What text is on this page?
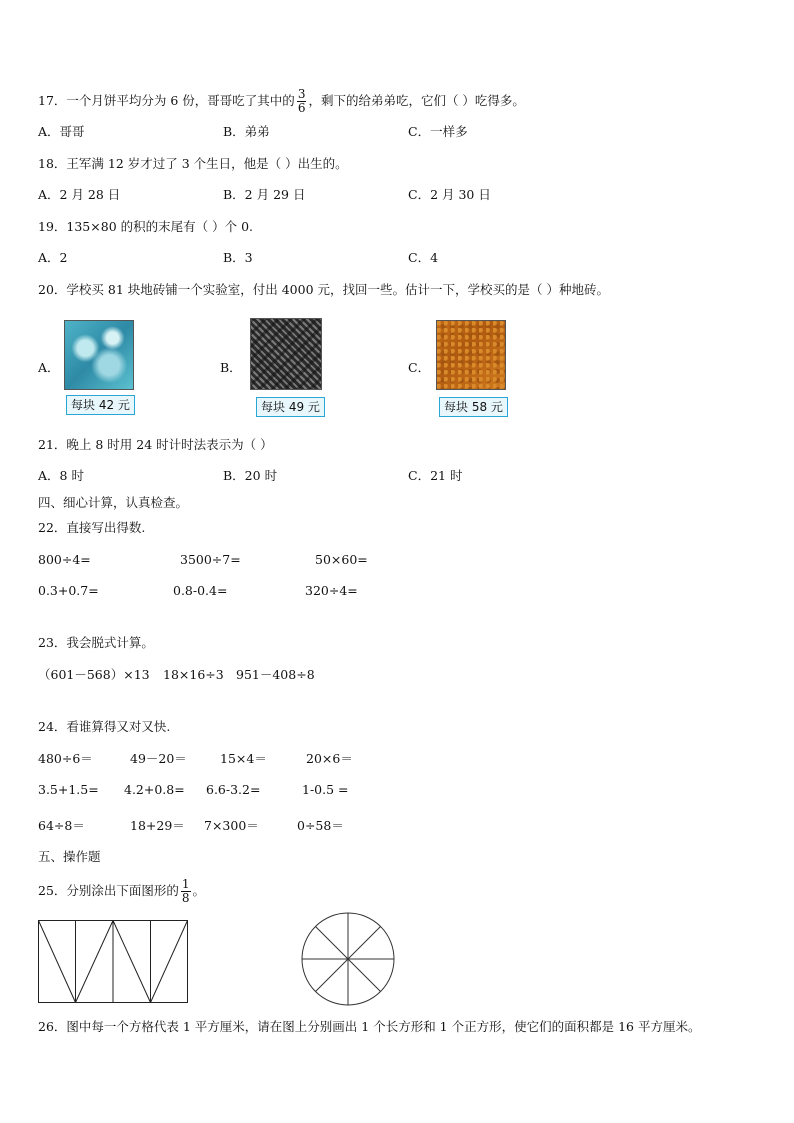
17．一个月饼平均分为 6 份，哥哥吃了其中的 $\frac{3}{6}$ ，剩下的给弟弟吃，它们（ ）吃得多。
A．哥哥	B．弟弟	C．一样多
18．王军满 12 岁才过了 3 个生日，他是（ ）出生的。
A．2 月 28 日	B．2 月 29 日	C．2 月 30 日
19．135×80 的积的末尾有（ ）个 0.
A．2	B．3	C．4
20．学校买 81 块地砖铺一个实验室，付出 4000 元，找回一些。估计一下，学校买的是（ ）种地砖。
A．
每块 42 元
B．
每块 49 元
C．
每块 58 元
21．晚上 8 时用 24 时计时法表示为（ ）
A．8 时	B．20 时	C．21 时
四、细心计算，认真检查。
22．直接写出得数.
800÷4=	3500÷7=	50×60=
0.3+0.7=	0.8-0.4=	320÷4=
23．我会脱式计算。
（601－568）×13 18×16÷3 951－408÷8
24．看谁算得又对又快.
480÷6＝	49－20＝	15×4＝	20×6＝
3.5+1.5= 4.2+0.8= 6.6-3.2=	1-0.5 =
64÷8＝	18+29＝ 7×300＝	0÷58＝
五、操作题
25．分别涂出下面图形的 $\frac{1}{8}$ 。
26．图中每一个方格代表 1 平方厘米，请在图上分别画出 1 个长方形和 1 个正方形，使它们的面积都是 16 平方厘米。
